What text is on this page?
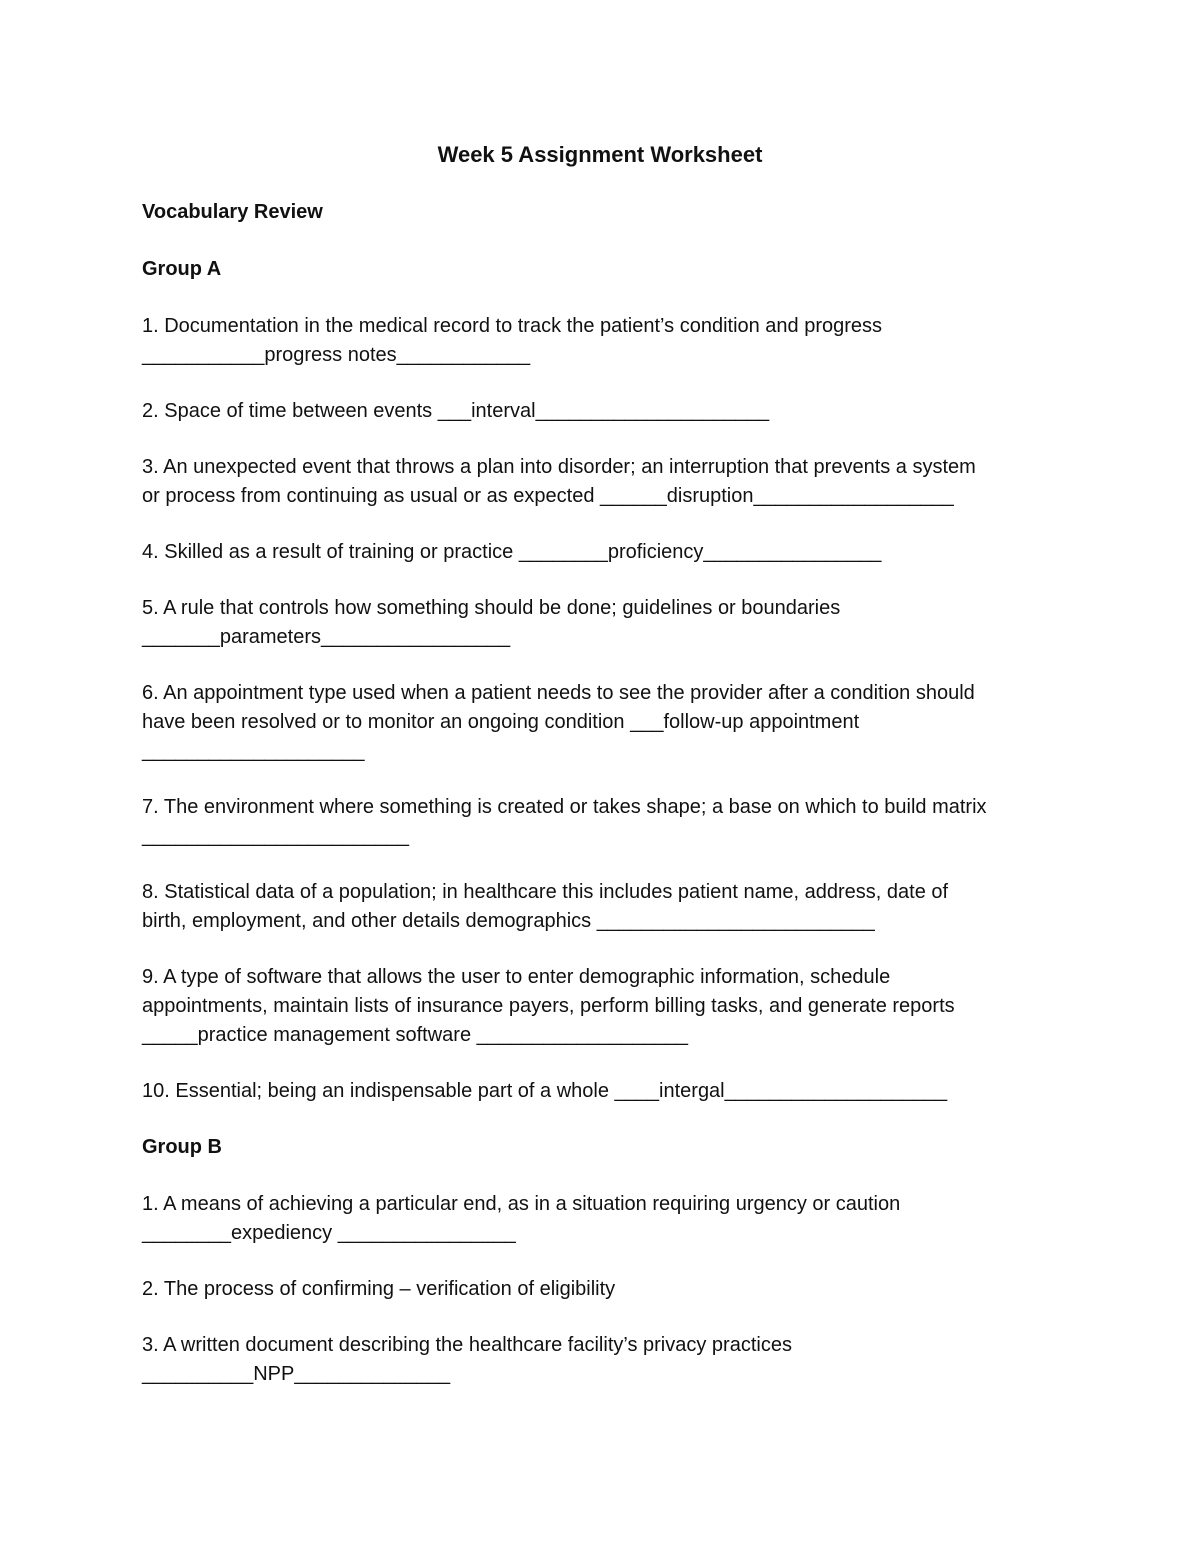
Week 5 Assignment Worksheet
Vocabulary Review
Group A
1. Documentation in the medical record to track the patient’s condition and progress
___________progress notes____________
2. Space of time between events ___interval_____________________
3. An unexpected event that throws a plan into disorder; an interruption that prevents a system
or process from continuing as usual or as expected ______disruption__________________
4. Skilled as a result of training or practice ________proficiency________________
5. A rule that controls how something should be done; guidelines or boundaries
_______parameters_________________
6. An appointment type used when a patient needs to see the provider after a condition should
have been resolved or to monitor an ongoing condition ___follow-up appointment
____________________
7. The environment where something is created or takes shape; a base on which to build matrix
________________________
8. Statistical data of a population; in healthcare this includes patient name, address, date of
birth, employment, and other details demographics _________________________
9. A type of software that allows the user to enter demographic information, schedule
appointments, maintain lists of insurance payers, perform billing tasks, and generate reports
_____practice management software ___________________
10. Essential; being an indispensable part of a whole ____intergal____________________
Group B
1. A means of achieving a particular end, as in a situation requiring urgency or caution
________expediency ________________
2. The process of confirming – verification of eligibility
3. A written document describing the healthcare facility’s privacy practices
__________NPP______________
